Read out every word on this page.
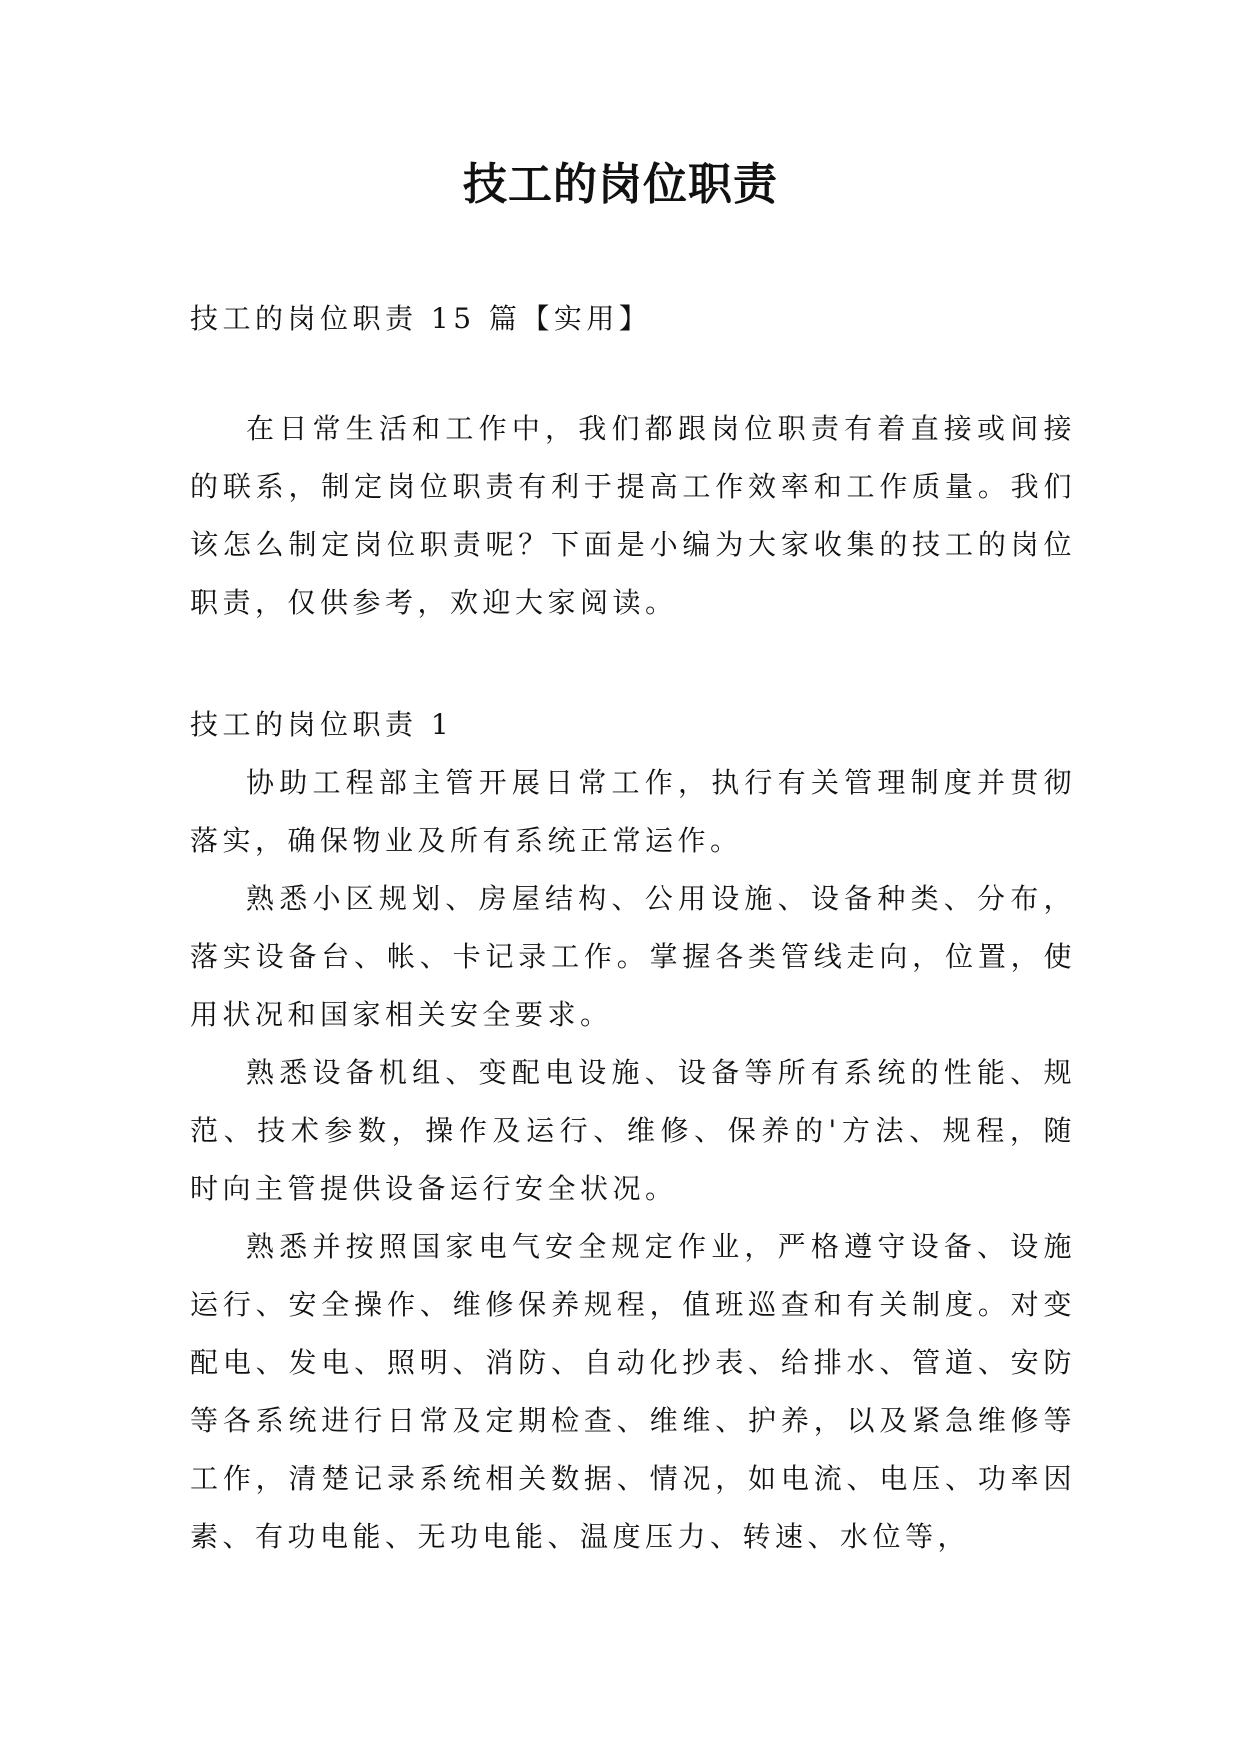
技工的岗位职责
技工的岗位职责 15 篇【实用】

在日常生活和工作中，我们都跟岗位职责有着直接或间接的联系，制定岗位职责有利于提高工作效率和工作质量。我们该怎么制定岗位职责呢？下面是小编为大家收集的技工的岗位职责，仅供参考，欢迎大家阅读。

技工的岗位职责 1

协助工程部主管开展日常工作，执行有关管理制度并贯彻落实，确保物业及所有系统正常运作。

熟悉小区规划、房屋结构、公用设施、设备种类、分布，落实设备台、帐、卡记录工作。掌握各类管线走向，位置，使用状况和国家相关安全要求。

熟悉设备机组、变配电设施、设备等所有系统的性能、规范、技术参数，操作及运行、维修、保养的'方法、规程，随时向主管提供设备运行安全状况。

熟悉并按照国家电气安全规定作业，严格遵守设备、设施运行、安全操作、维修保养规程，值班巡查和有关制度。对变配电、发电、照明、消防、自动化抄表、给排水、管道、安防等各系统进行日常及定期检查、维维、护养，以及紧急维修等工作，清楚记录系统相关数据、情况，如电流、电压、功率因素、有功电能、无功电能、温度压力、转速、水位等，
